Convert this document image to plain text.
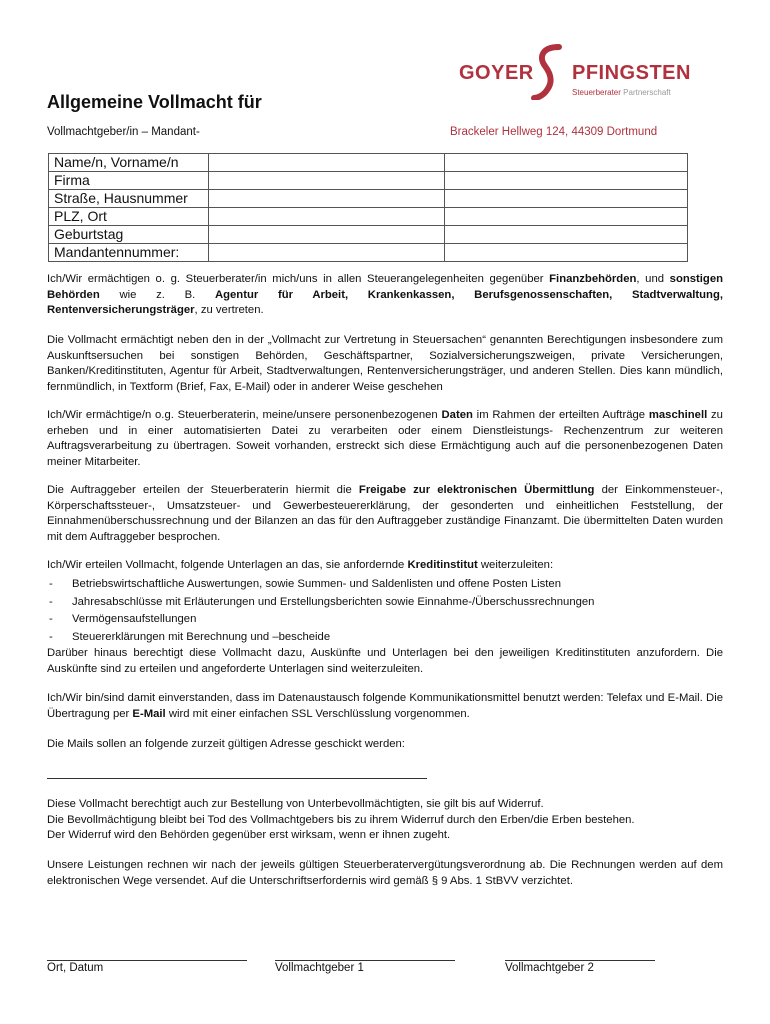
GOYER PFINGSTEN
Steuerberater Partnerschaft
Allgemeine Vollmacht für
Vollmachtgeber/in – Mandant-	Brackeler Hellweg 124, 44309 Dortmund
Name/n, Vorname/n		
Firma		
Straße, Hausnummer		
PLZ, Ort		
Geburtstag		
Mandantennummer:		

Ich/Wir ermächtigen o. g. Steuerberater/in mich/uns in allen Steuerangelegenheiten gegenüber Finanzbehörden, und sonstigen Behörden wie z. B. Agentur für Arbeit, Krankenkassen, Berufsgenossenschaften, Stadtverwaltung, Rentenversicherungsträger, zu vertreten.

Die Vollmacht ermächtigt neben den in der „Vollmacht zur Vertretung in Steuersachen“ genannten Berechtigungen insbesondere zum Auskunftsersuchen bei sonstigen Behörden, Geschäftspartner, Sozialversicherungszweigen, private Versicherungen, Banken/Kreditinstituten, Agentur für Arbeit, Stadtverwaltungen, Rentenversicherungsträger, und anderen Stellen. Dies kann mündlich, fernmündlich, in Textform (Brief, Fax, E-Mail) oder in anderer Weise geschehen

Ich/Wir ermächtige/n o.g. Steuerberaterin, meine/unsere personenbezogenen Daten im Rahmen der erteilten Aufträge maschinell zu erheben und in einer automatisierten Datei zu verarbeiten oder einem Dienstleistungs- Rechenzentrum zur weiteren Auftragsverarbeitung zu übertragen. Soweit vorhanden, erstreckt sich diese Ermächtigung auch auf die personenbezogenen Daten meiner Mitarbeiter.

Die Auftraggeber erteilen der Steuerberaterin hiermit die Freigabe zur elektronischen Übermittlung der Einkommensteuer-, Körperschaftssteuer-, Umsatzsteuer- und Gewerbesteuererklärung, der gesonderten und einheitlichen Feststellung, der Einnahmenüberschussrechnung und der Bilanzen an das für den Auftraggeber zuständige Finanzamt. Die übermittelten Daten wurden mit dem Auftraggeber besprochen.

Ich/Wir erteilen Vollmacht, folgende Unterlagen an das, sie anfordernde Kreditinstitut weiterzuleiten:

- Betriebswirtschaftliche Auswertungen, sowie Summen- und Saldenlisten und offene Posten Listen
- Jahresabschlüsse mit Erläuterungen und Erstellungsberichten sowie Einnahme-/Überschussrechnungen
- Vermögensaufstellungen
- Steuererklärungen mit Berechnung und –bescheide

Darüber hinaus berechtigt diese Vollmacht dazu, Auskünfte und Unterlagen bei den jeweiligen Kreditinstituten anzufordern. Die Auskünfte sind zu erteilen und angeforderte Unterlagen sind weiterzuleiten.

Ich/Wir bin/sind damit einverstanden, dass im Datenaustausch folgende Kommunikationsmittel benutzt werden: Telefax und E-Mail. Die Übertragung per E-Mail wird mit einer einfachen SSL Verschlüsslung vorgenommen.

Die Mails sollen an folgende zurzeit gültigen Adresse geschickt werden:

Diese Vollmacht berechtigt auch zur Bestellung von Unterbevollmächtigten, sie gilt bis auf Widerruf.
Die Bevollmächtigung bleibt bei Tod des Vollmachtgebers bis zu ihrem Widerruf durch den Erben/die Erben bestehen.
Der Widerruf wird den Behörden gegenüber erst wirksam, wenn er ihnen zugeht.

Unsere Leistungen rechnen wir nach der jeweils gültigen Steuerberatervergütungsverordnung ab. Die Rechnungen werden auf dem elektronischen Wege versendet. Auf die Unterschriftserfordernis wird gemäß § 9 Abs. 1 StBVV verzichtet.

Ort, Datum	Vollmachtgeber 1	Vollmachtgeber 2
